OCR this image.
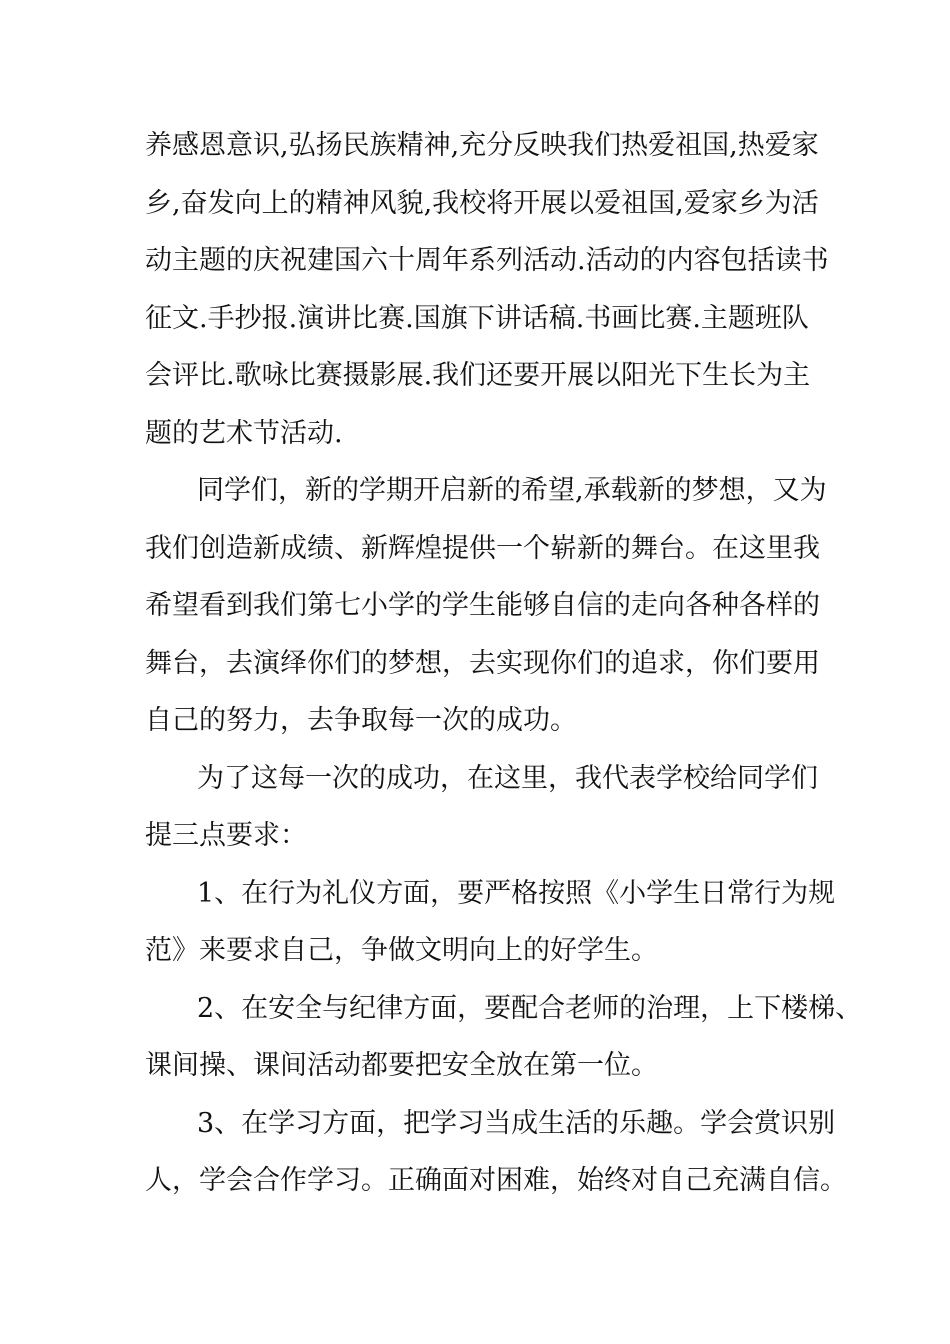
养感恩意识,弘扬民族精神,充分反映我们热爱祖国,热爱家
乡,奋发向上的精神风貌,我校将开展以爱祖国,爱家乡为活
动主题的庆祝建国六十周年系列活动.活动的内容包括读书
征文.手抄报.演讲比赛.国旗下讲话稿.书画比赛.主题班队
会评比.歌咏比赛摄影展.我们还要开展以阳光下生长为主
题的艺术节活动.
同学们，新的学期开启新的希望,承载新的梦想，又为
我们创造新成绩、新辉煌提供一个崭新的舞台。在这里我
希望看到我们第七小学的学生能够自信的走向各种各样的
舞台，去演绎你们的梦想，去实现你们的追求，你们要用
自己的努力，去争取每一次的成功。
为了这每一次的成功，在这里，我代表学校给同学们
提三点要求：
1、在行为礼仪方面，要严格按照《小学生日常行为规
范》来要求自己，争做文明向上的好学生。
2、在安全与纪律方面，要配合老师的治理，上下楼梯、
课间操、课间活动都要把安全放在第一位。
3、在学习方面，把学习当成生活的乐趣。学会赏识别
人，学会合作学习。正确面对困难，始终对自己充满自信。
